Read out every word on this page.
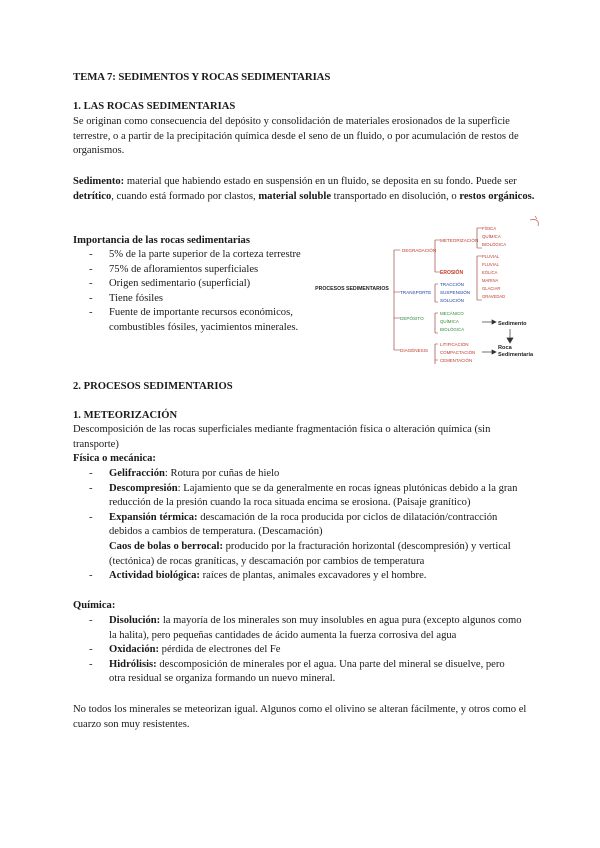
TEMA 7: SEDIMENTOS Y ROCAS SEDIMENTARIAS
1. LAS ROCAS SEDIMENTARIAS
Se originan como consecuencia del depósito y consolidación de materiales erosionados de la superficie terrestre, o a partir de la precipitación química desde el seno de un fluido, o por acumulación de restos de organismos.
Sedimento: material que habiendo estado en suspensión en un fluido, se deposita en su fondo. Puede ser detrítico, cuando está formado por clastos, material soluble transportado en disolución, o restos orgánicos.
Importancia de las rocas sedimentarias
- 5% de la parte superior de la corteza terrestre
- 75% de afloramientos superficiales
- Origen sedimentario (superficial)
- Tiene fósiles
- Fuente de importante recursos económicos, combustibles fósiles, yacimientos minerales.
PROCESOS SEDIMENTARIOS
DEGRADACIÓN
METEORIZACIÓN
FÍSICA
QUÍMICA
BIOLÓGICA
EROSIÓN
PLUVIAL
FLUVIAL
EÓLICA
MARINA
GLACIAR
GRAVEDAD
TRANSPORTE
TRACCIÓN
SUSPENSIÓN
SOLUCIÓN
DEPÓSITO
MECÁNICO
QUÍMICA
BIOLÓGICA
DIAGÉNESIS
LITIFICACIÓN
COMPACTACIÓN
CEMENTACIÓN
Sedimento
Roca
Sedimentaria
2. PROCESOS SEDIMENTARIOS
1. METEORIZACIÓN
Descomposición de las rocas superficiales mediante fragmentación física o alteración química (sin transporte)
Física o mecánica:
- Gelifracción: Rotura por cuñas de hielo
- Descompresión: Lajamiento que se da generalmente en rocas ígneas plutónicas debido a la gran reducción de la presión cuando la roca situada encima se erosiona. (Paisaje granítico)
- Expansión térmica: descamación de la roca producida por ciclos de dilatación/contracción debidos a cambios de temperatura. (Descamación)
Caos de bolas o berrocal: producido por la fracturación horizontal (descompresión) y vertical (tectónica) de rocas graníticas, y descamación por cambios de temperatura
- Actividad biológica: raíces de plantas, animales excavadores y el hombre.
Química:
- Disolución: la mayoría de los minerales son muy insolubles en agua pura (excepto algunos como la halita), pero pequeñas cantidades de ácido aumenta la fuerza corrosiva del agua
- Oxidación: pérdida de electrones del Fe
- Hidrólisis: descomposición de minerales por el agua. Una parte del mineral se disuelve, pero otra residual se organiza formando un nuevo mineral.
No todos los minerales se meteorizan igual. Algunos como el olivino se alteran fácilmente, y otros como el cuarzo son muy resistentes.
